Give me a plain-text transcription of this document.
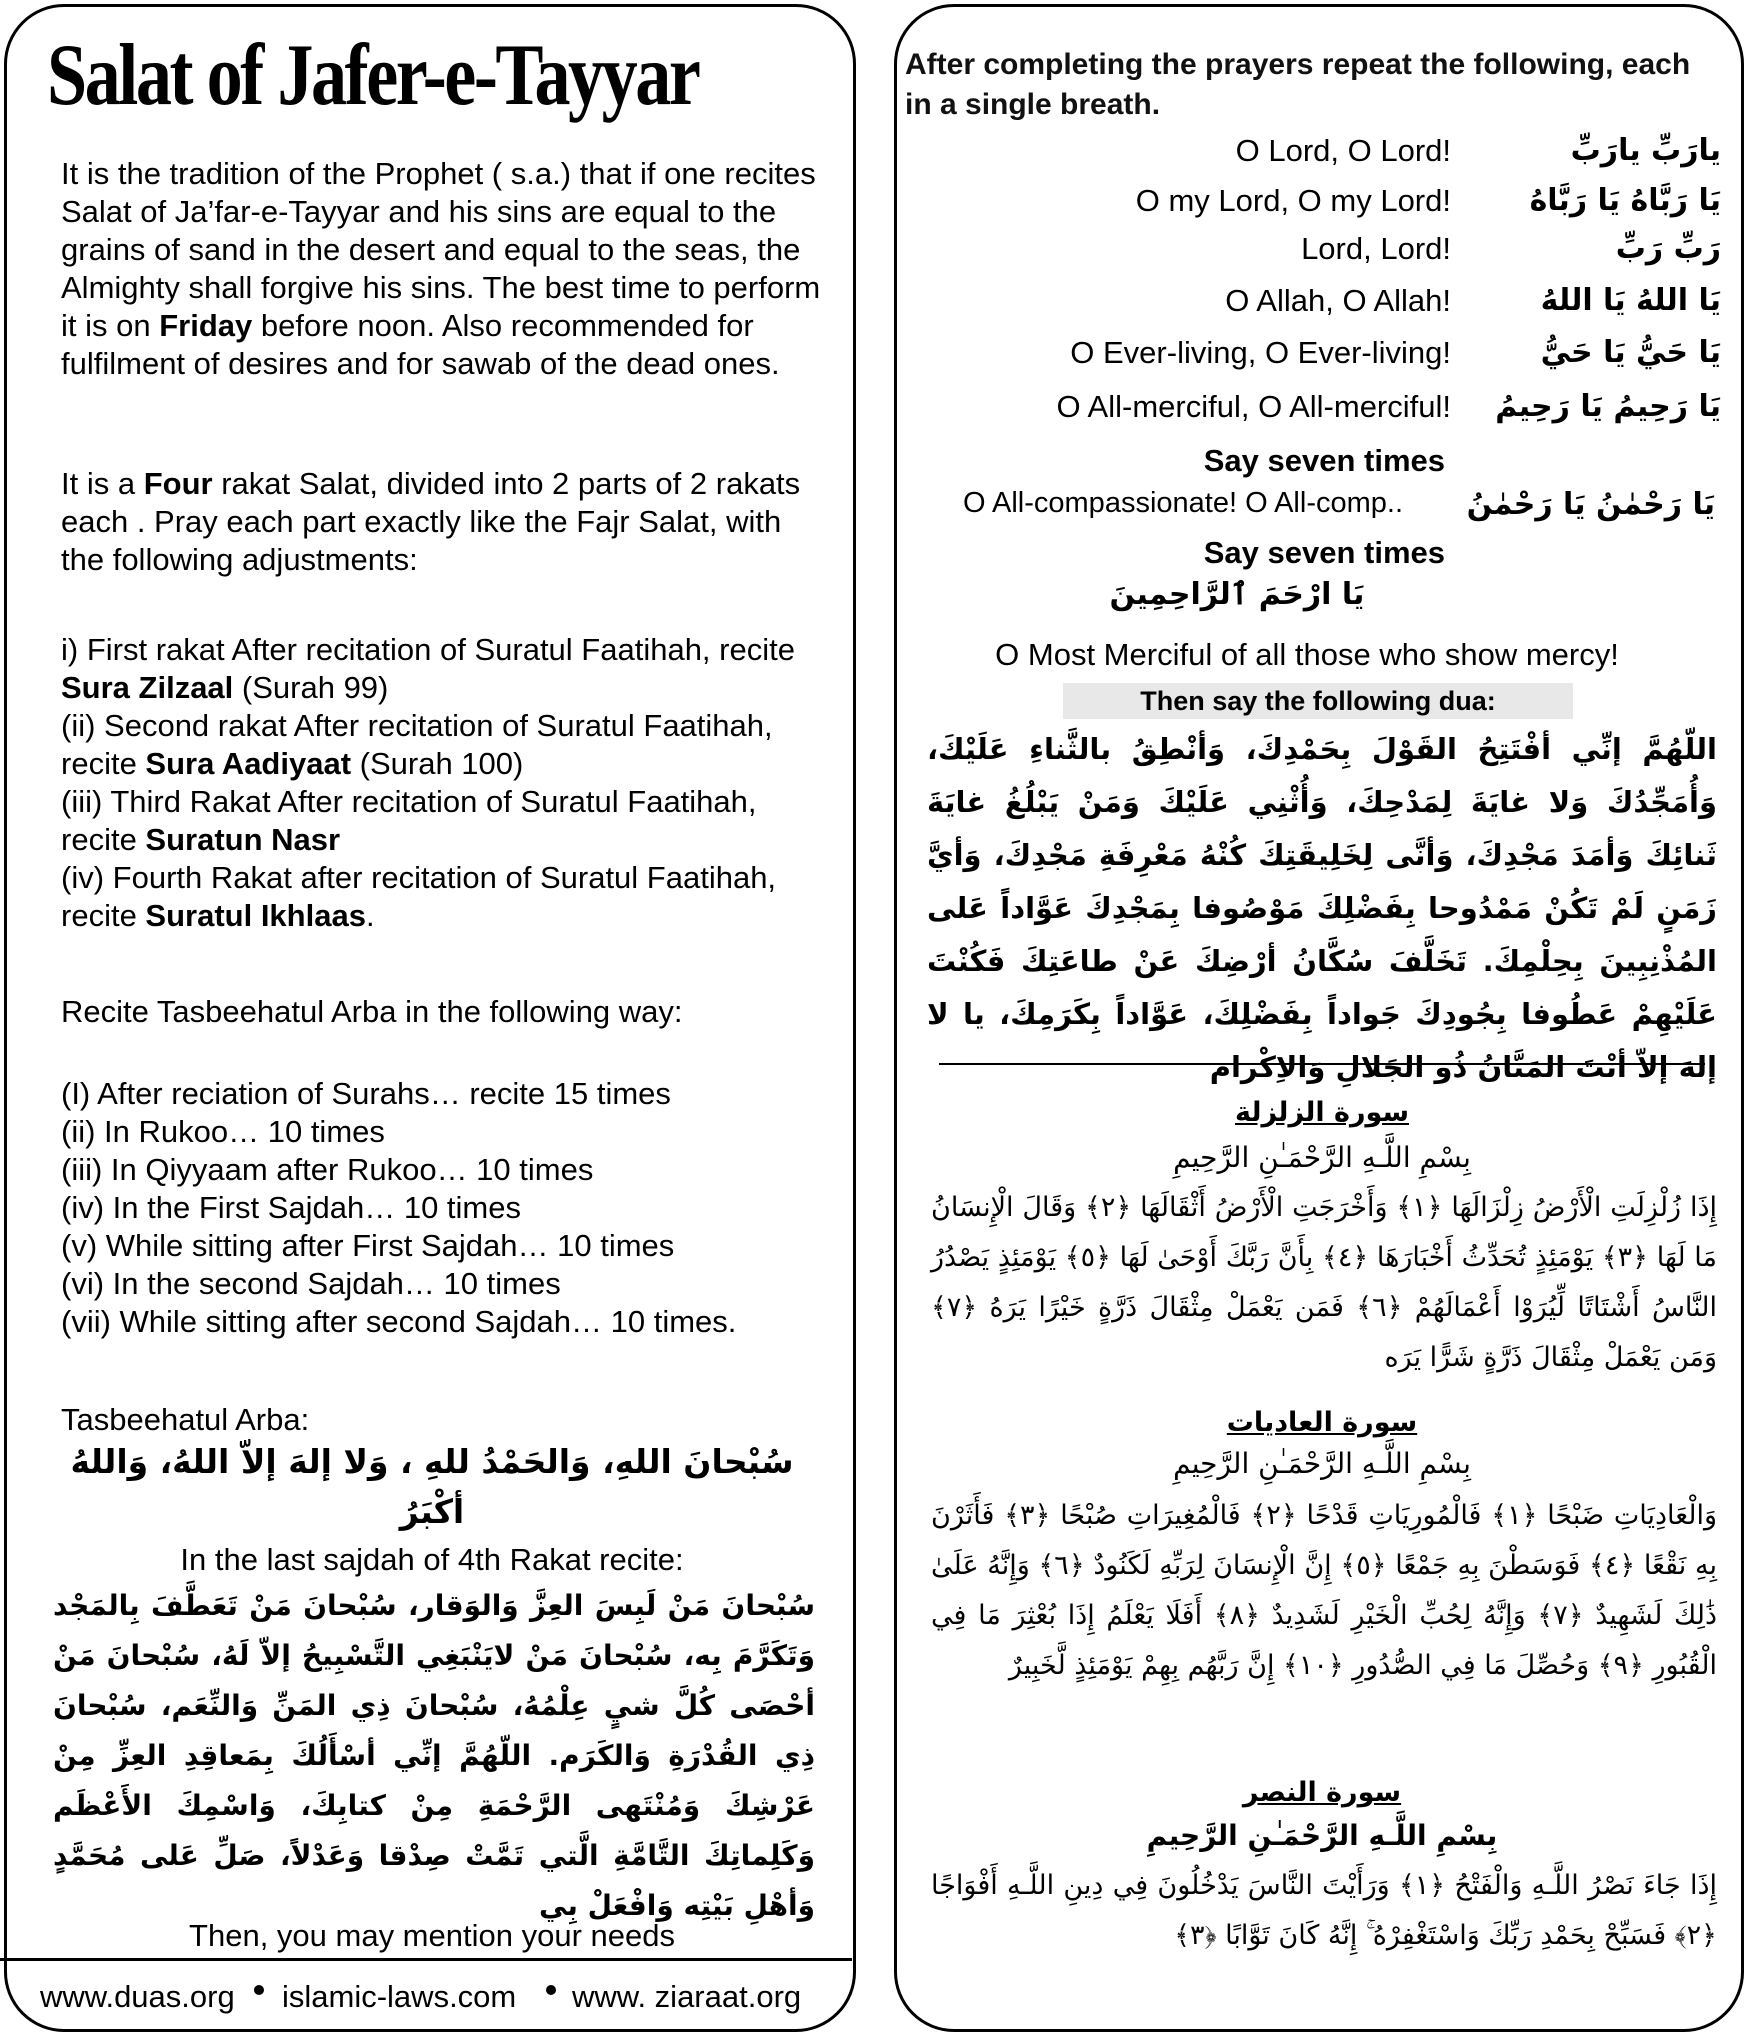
Salat of Jafer-e-Tayyar
It is the tradition of the Prophet ( s.a.) that if one recites Salat of Ja’far-e-Tayyar and his sins are equal to the grains of sand in the desert and equal to the seas, the Almighty shall forgive his sins. The best time to perform it is on Friday before noon. Also recommended for fulfilment of desires and for sawab of the dead ones.
It is a Four rakat Salat, divided into 2 parts of 2 rakats each . Pray each part exactly like the Fajr Salat, with the following adjustments:
i) First rakat After recitation of Suratul Faatihah, recite Sura Zilzaal (Surah 99)
(ii) Second rakat After recitation of Suratul Faatihah, recite Sura Aadiyaat (Surah 100)
(iii) Third Rakat After recitation of Suratul Faatihah, recite Suratun Nasr
(iv) Fourth Rakat after recitation of Suratul Faatihah, recite Suratul Ikhlaas.
Recite Tasbeehatul Arba in the following way:
(I) After reciation of Surahs… recite 15 times
(ii) In Rukoo… 10 times
(iii) In Qiyyaam after Rukoo… 10 times
(iv) In the First Sajdah… 10 times
(v) While sitting after First Sajdah… 10 times
(vi) In the second Sajdah… 10 times
(vii) While sitting after second Sajdah… 10 times.
Tasbeehatul Arba:
سُبْحانَ اللهِ، وَالحَمْدُ للهِ ، وَلا إلهَ إلاّ اللهُ، وَاللهُ أكْبَرُ
In the last sajdah of 4th Rakat recite:
سُبْحانَ مَنْ لَبِسَ العِزَّ وَالوَقار، سُبْحانَ مَنْ تَعَطَّفَ بِالمَجْد وَتَكَرَّمَ بِه، سُبْحانَ مَنْ لايَنْبَغِي التَّسْبِيحُ إلاّ لَهُ، سُبْحانَ مَنْ أحْصَى كُلَّ شيٍ عِلْمُهُ، سُبْحانَ ذِي المَنِّ وَالنِّعَم، سُبْحانَ ذِي القُدْرَةِ وَالكَرَم. اللّهُمَّ إنِّي أسْأَلُكَ بِمَعاقِدِ العِزِّ مِنْ عَرْشِكَ وَمُنْتَهى الرَّحْمَةِ مِنْ كتابِكَ، وَاسْمِكَ الأَعْظَم وَكَلِماتِكَ التَّامَّةِ الَّتي تَمَّتْ صِدْقا وَعَدْلاً، صَلِّ عَلى مُحَمَّدٍ وَأهْلِ بَيْتِه وَافْعَلْ بِي
Then, you may mention your needs
www.duas.org islamic-laws.com www. ziaraat.org
After completing the prayers repeat the following, each in a single breath.
O Lord, O Lord!	يارَبِّ يارَبِّ
O my Lord, O my Lord!	يَا رَبَّاهُ يَا رَبَّاهُ
Lord, Lord!	رَبِّ رَبِّ
O Allah, O Allah!	يَا اللهُ يَا اللهُ
O Ever-living, O Ever-living!	يَا حَيُّ يَا حَيُّ
O All-merciful, O All-merciful! يَا رَحِيمُ يَا رَحِيمُ
Say seven times
O All-compassionate! O All-comp.. يَا رَحْمٰنُ يَا رَحْمٰنُ
Say seven times
يَا ارْحَمَ ٱلرَّاحِمِينَ
O Most Merciful of all those who show mercy!
Then say the following dua:
اللّهُمَّ إنِّي أفْتَتِحُ القَوْلَ بِحَمْدِكَ، وَأنْطِقُ بالثَّناءِ عَلَيْكَ، وَأُمَجِّدُكَ وَلا غايَةَ لِمَدْحِكَ، وَأُثْنِي عَلَيْكَ وَمَنْ يَبْلُغُ غايَةَ ثَنائِكَ وَأمَدَ مَجْدِكَ، وَأنَّى لِخَلِيقَتِكَ كُنْهُ مَعْرِفَةِ مَجْدِكَ، وَأيَّ زَمَنٍ لَمْ تَكُنْ مَمْدُوحا بِفَضْلِكَ مَوْصُوفا بِمَجْدِكَ عَوَّاداً عَلى المُذْنِبِينَ بِحِلْمِكَ. تَخَلَّفَ سُكَّانُ أرْضِكَ عَنْ طاعَتِكَ فَكُنْتَ عَلَيْهِمْ عَطُوفا بِجُودِكَ جَواداً بِفَضْلِكَ، عَوَّاداً بِكَرَمِكَ، يا لا إلهَ إلاّ أنْتَ المَنَّانُ ذُو الجَلالِ وَالاِكْرام
سورة الزلزلة
بِسْمِ اللَّـهِ الرَّحْمَـٰنِ الرَّحِيمِ
إِذَا زُلْزِلَتِ الْأَرْضُ زِلْزَالَهَا ﴿١﴾ وَأَخْرَجَتِ الْأَرْضُ أَثْقَالَهَا ﴿٢﴾ وَقَالَ الْإِنسَانُ مَا لَهَا ﴿٣﴾ يَوْمَئِذٍ تُحَدِّثُ أَخْبَارَهَا ﴿٤﴾ بِأَنَّ رَبَّكَ أَوْحَىٰ لَهَا ﴿٥﴾ يَوْمَئِذٍ يَصْدُرُ النَّاسُ أَشْتَاتًا لِّيُرَوْا أَعْمَالَهُمْ ﴿٦﴾ فَمَن يَعْمَلْ مِثْقَالَ ذَرَّةٍ خَيْرًا يَرَهُ ﴿٧﴾ وَمَن يَعْمَلْ مِثْقَالَ ذَرَّةٍ شَرًّا يَرَه
سورة العاديات
بِسْمِ اللَّـهِ الرَّحْمَـٰنِ الرَّحِيمِ
وَالْعَادِيَاتِ ضَبْحًا ﴿١﴾ فَالْمُورِيَاتِ قَدْحًا ﴿٢﴾ فَالْمُغِيرَاتِ صُبْحًا ﴿٣﴾ فَأَثَرْنَ بِهِ نَقْعًا ﴿٤﴾ فَوَسَطْنَ بِهِ جَمْعًا ﴿٥﴾ إِنَّ الْإِنسَانَ لِرَبِّهِ لَكَنُودٌ ﴿٦﴾ وَإِنَّهُ عَلَىٰ ذَٰلِكَ لَشَهِيدٌ ﴿٧﴾ وَإِنَّهُ لِحُبِّ الْخَيْرِ لَشَدِيدٌ ﴿٨﴾ أَفَلَا يَعْلَمُ إِذَا بُعْثِرَ مَا فِي الْقُبُورِ ﴿٩﴾ وَحُصِّلَ مَا فِي الصُّدُورِ ﴿١٠﴾ إِنَّ رَبَّهُم بِهِمْ يَوْمَئِذٍ لَّخَبِيرٌ
سورة النصر
بِسْمِ اللَّـهِ الرَّحْمَـٰنِ الرَّحِيمِ
إِذَا جَاءَ نَصْرُ اللَّـهِ وَالْفَتْحُ ﴿١﴾ وَرَأَيْتَ النَّاسَ يَدْخُلُونَ فِي دِينِ اللَّـهِ أَفْوَاجًا ﴿٢﴾ فَسَبِّحْ بِحَمْدِ رَبِّكَ وَاسْتَغْفِرْهُ ۚ إِنَّهُ كَانَ تَوَّابًا ﴿٣﴾
